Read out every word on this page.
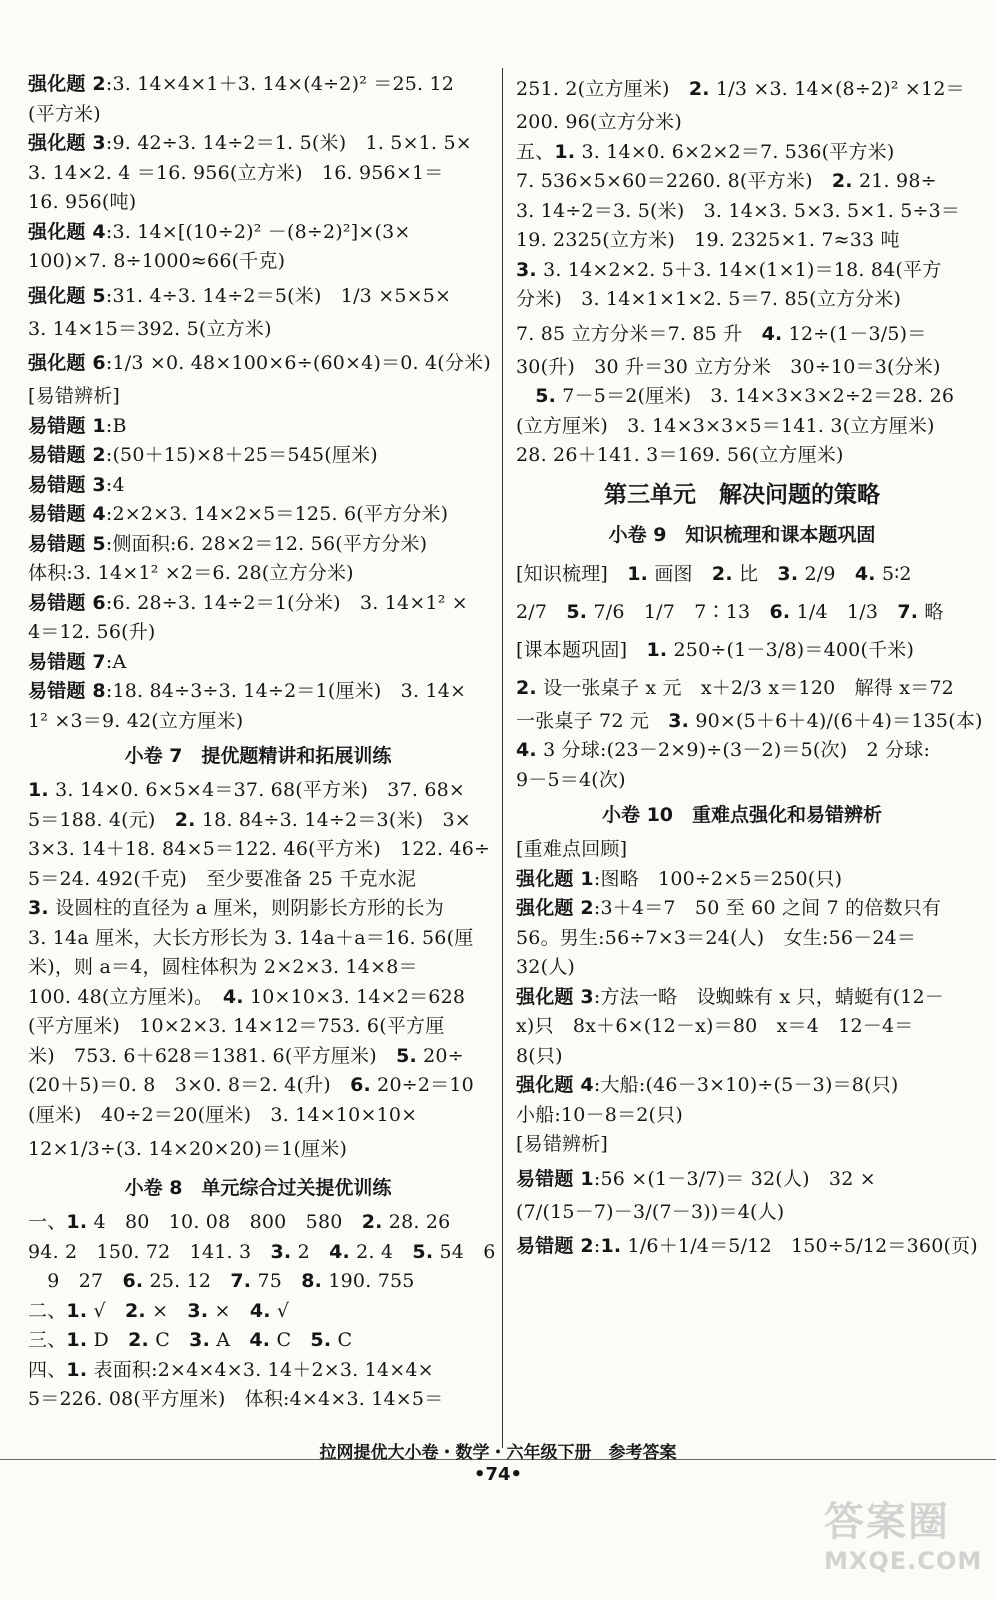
强化题 2:3. 14×4×1＋3. 14×(4÷2)² ＝25. 12
(平方米)
强化题 3:9. 42÷3. 14÷2＝1. 5(米)　1. 5×1. 5×
3. 14×2. 4 ＝16. 956(立方米)　16. 956×1＝
16. 956(吨)
强化题 4:3. 14×[(10÷2)² －(8÷2)²]×(3×
100)×7. 8÷1000≈66(千克)
强化题 5:31. 4÷3. 14÷2＝5(米)　1/3 ×5×5×
3. 14×15＝392. 5(立方米)
强化题 6:1/3 ×0. 48×100×6÷(60×4)＝0. 4(分米)
[易错辨析]
易错题 1:B
易错题 2:(50＋15)×8＋25＝545(厘米)
易错题 3:4
易错题 4:2×2×3. 14×2×5＝125. 6(平方分米)
易错题 5:侧面积:6. 28×2＝12. 56(平方分米)
体积:3. 14×1² ×2＝6. 28(立方分米)
易错题 6:6. 28÷3. 14÷2＝1(分米)　3. 14×1² ×
4＝12. 56(升)
易错题 7:A
易错题 8:18. 84÷3÷3. 14÷2＝1(厘米)　3. 14×
1² ×3＝9. 42(立方厘米)
小卷 7　提优题精讲和拓展训练
1. 3. 14×0. 6×5×4＝37. 68(平方米)　37. 68×
5＝188. 4(元)　2. 18. 84÷3. 14÷2＝3(米)　3×
3×3. 14＋18. 84×5＝122. 46(平方米)　122. 46÷
5＝24. 492(千克)　至少要准备 25 千克水泥
3. 设圆柱的直径为 a 厘米，则阴影长方形的长为
3. 14a 厘米，大长方形长为 3. 14a＋a＝16. 56(厘
米)，则 a＝4，圆柱体积为 2×2×3. 14×8＝
100. 48(立方厘米)。　4. 10×10×3. 14×2＝628
(平方厘米)　10×2×3. 14×12＝753. 6(平方厘
米)　753. 6＋628＝1381. 6(平方厘米)　5. 20÷
(20＋5)＝0. 8　3×0. 8＝2. 4(升)　6. 20÷2＝10
(厘米)　40÷2＝20(厘米)　3. 14×10×10×
12×1/3÷(3. 14×20×20)＝1(厘米)
小卷 8　单元综合过关提优训练
一、1. 4　80　10. 08　800　580　2. 28. 26
94. 2　150. 72　141. 3　3. 2　4. 2. 4　5. 54　6
　9　27　6. 25. 12　7. 75　8. 190. 755
二、1. √　2. ×　3. ×　4. √
三、1. D　2. C　3. A　4. C　5. C
四、1. 表面积:2×4×4×3. 14＋2×3. 14×4×
5＝226. 08(平方厘米)　体积:4×4×3. 14×5＝
251. 2(立方厘米)　2. 1/3 ×3. 14×(8÷2)² ×12＝
200. 96(立方分米)
五、1. 3. 14×0. 6×2×2＝7. 536(平方米)
7. 536×5×60＝2260. 8(平方米)　2. 21. 98÷
3. 14÷2＝3. 5(米)　3. 14×3. 5×3. 5×1. 5÷3＝
19. 2325(立方米)　19. 2325×1. 7≈33 吨
3. 3. 14×2×2. 5＋3. 14×(1×1)＝18. 84(平方
分米)　3. 14×1×1×2. 5＝7. 85(立方分米)
7. 85 立方分米＝7. 85 升　4. 12÷(1－3/5)＝
30(升)　30 升＝30 立方分米　30÷10＝3(分米)
　5. 7－5＝2(厘米)　3. 14×3×3×2÷2＝28. 26
(立方厘米)　3. 14×3×3×5＝141. 3(立方厘米)
28. 26＋141. 3＝169. 56(立方厘米)
第三单元　解决问题的策略
小卷 9　知识梳理和课本题巩固
[知识梳理]　1. 画图　2. 比　3. 2/9　4. 5∶2
2/7　5. 7/6　1/7　7∶13　6. 1/4　1/3　7. 略
[课本题巩固]　1. 250÷(1－3/8)＝400(千米)
2. 设一张桌子 x 元　x＋2/3 x＝120　解得 x＝72
一张桌子 72 元　3. 90×(5＋6＋4)/(6＋4)＝135(本)
4. 3 分球:(23－2×9)÷(3－2)＝5(次)　2 分球:
9－5＝4(次)
小卷 10　重难点强化和易错辨析
[重难点回顾]
强化题 1:图略　100÷2×5＝250(只)
强化题 2:3＋4＝7　50 至 60 之间 7 的倍数只有
56。男生:56÷7×3＝24(人)　女生:56－24＝
32(人)
强化题 3:方法一略　设蜘蛛有 x 只，蜻蜓有(12－
x)只　8x＋6×(12－x)＝80　x＝4　12－4＝
8(只)
强化题 4:大船:(46－3×10)÷(5－3)＝8(只)
小船:10－8＝2(只)
[易错辨析]
易错题 1:56 ×(1－3/7)＝ 32(人)　32 ×
(7/(15－7)－3/(7－3))＝4(人)
易错题 2:1. 1/6＋1/4＝5/12　150÷5/12＝360(页)
拉网提优大小卷・数学・六年级下册　参考答案
•74•
答案圈
MXQE.COM
